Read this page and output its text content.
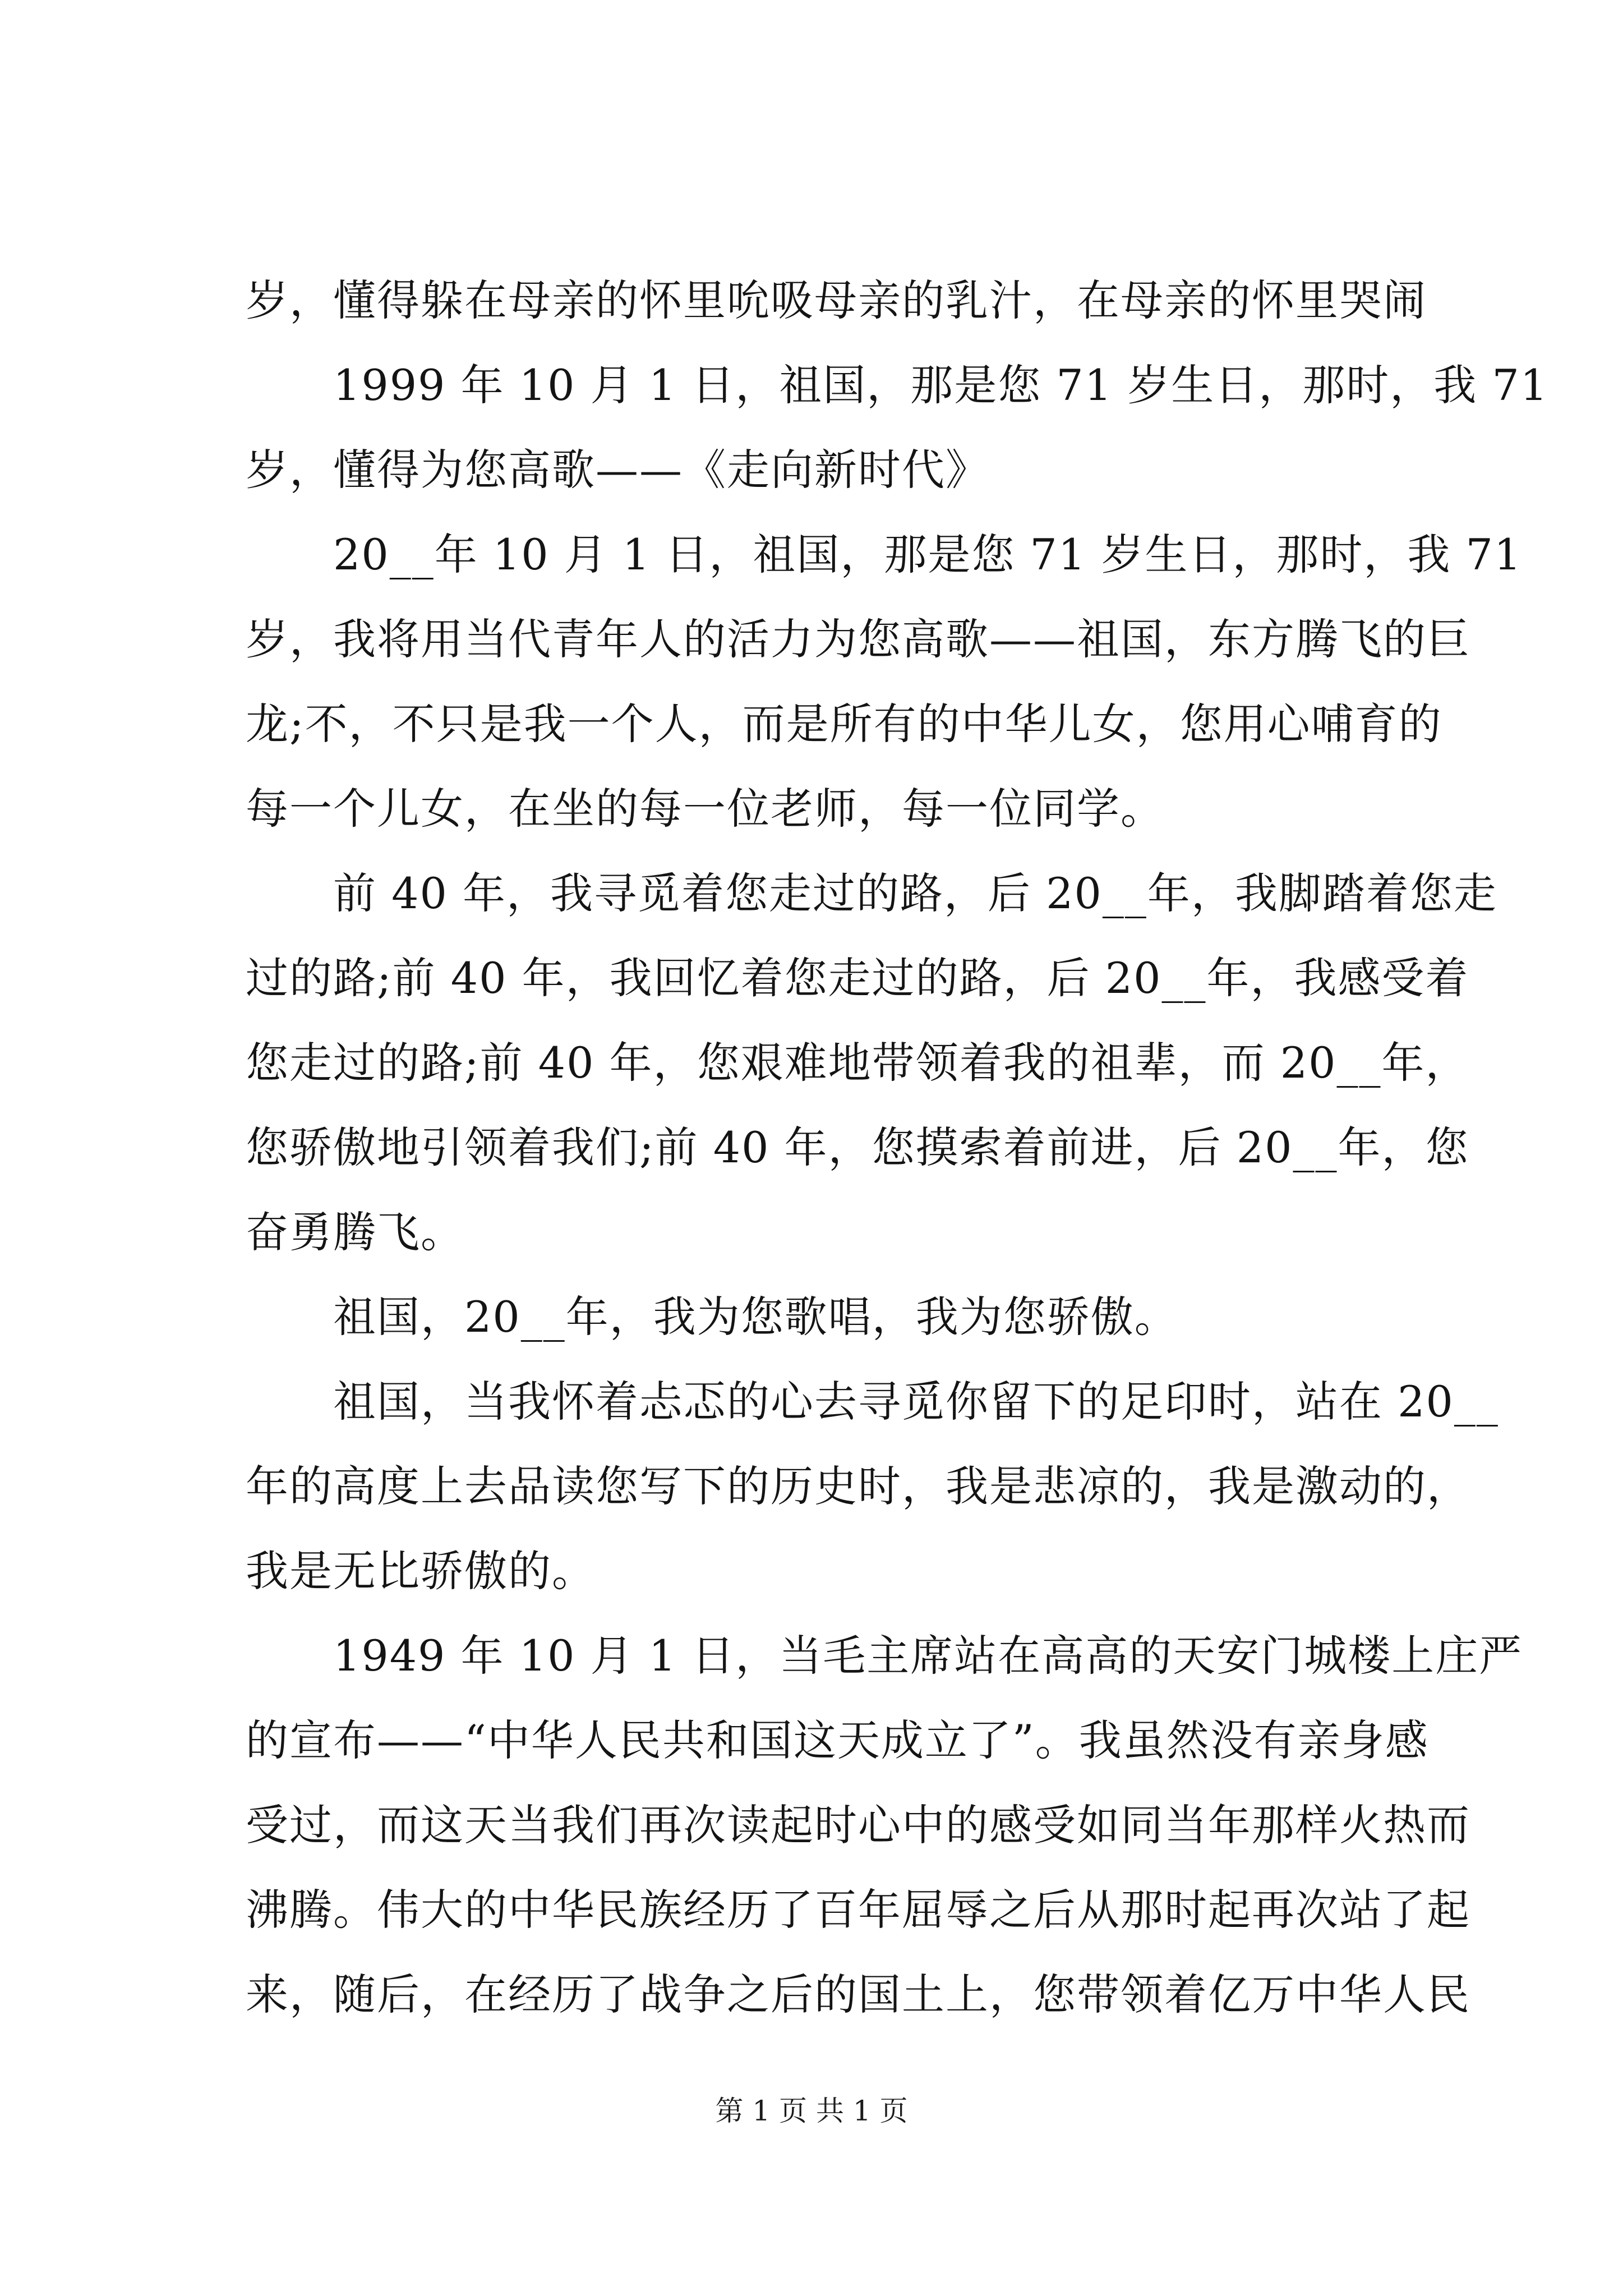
岁，懂得躲在母亲的怀里吮吸母亲的乳汁，在母亲的怀里哭闹
　　1999 年 10 月 1 日，祖国，那是您 71 岁生日，那时，我 71
岁，懂得为您高歌——《走向新时代》
　　20__年 10 月 1 日，祖国，那是您 71 岁生日，那时，我 71
岁，我将用当代青年人的活力为您高歌——祖国，东方腾飞的巨
龙;不，不只是我一个人，而是所有的中华儿女，您用心哺育的
每一个儿女，在坐的每一位老师，每一位同学。
　　前 40 年，我寻觅着您走过的路，后 20__年，我脚踏着您走
过的路;前 40 年，我回忆着您走过的路，后 20__年，我感受着
您走过的路;前 40 年，您艰难地带领着我的祖辈，而 20__年，
您骄傲地引领着我们;前 40 年，您摸索着前进，后 20__年，您
奋勇腾飞。
　　祖国，20__年，我为您歌唱，我为您骄傲。
　　祖国，当我怀着忐忑的心去寻觅你留下的足印时，站在 20__
年的高度上去品读您写下的历史时，我是悲凉的，我是激动的，
我是无比骄傲的。
　　1949 年 10 月 1 日，当毛主席站在高高的天安门城楼上庄严
的宣布——“中华人民共和国这天成立了”。我虽然没有亲身感
受过，而这天当我们再次读起时心中的感受如同当年那样火热而
沸腾。伟大的中华民族经历了百年屈辱之后从那时起再次站了起
来，随后，在经历了战争之后的国土上，您带领着亿万中华人民
第 1 页 共 1 页
